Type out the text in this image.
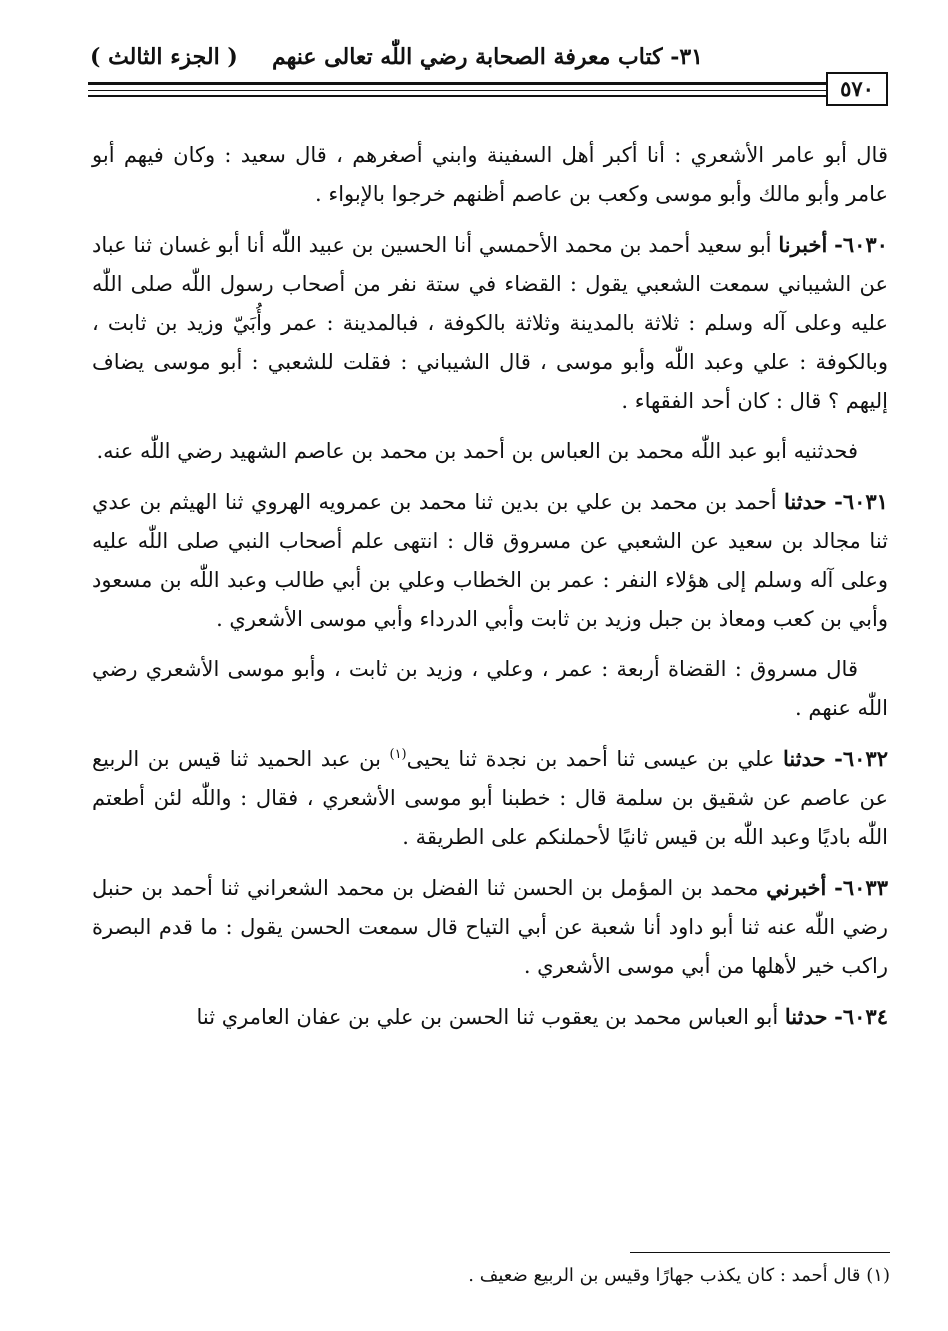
٣١- كتاب معرفة الصحابة رضي اللّٰه تعالى عنهم
( الجزء الثالث )
٥٧٠

قال أبو عامر الأشعري : أنا أكبر أهل السفينة وابني أصغرهم ، قال سعيد : وكان فيهم أبو عامر وأبو مالك وأبو موسى وكعب بن عاصم أظنهم خرجوا بالإبواء .

٦٠٣٠- أخبرنا أبو سعيد أحمد بن محمد الأحمسي أنا الحسين بن عبيد اللّٰه أنا أبو غسان ثنا عباد عن الشيباني سمعت الشعبي يقول : القضاء في ستة نفر من أصحاب رسول اللّٰه صلى اللّٰه عليه وعلى آله وسلم : ثلاثة بالمدينة وثلاثة بالكوفة ، فبالمدينة : عمر وأُبَيّ وزيد بن ثابت ، وبالكوفة : علي وعبد اللّٰه وأبو موسى ، قال الشيباني : فقلت للشعبي : أبو موسى يضاف إليهم ؟ قال : كان أحد الفقهاء .

فحدثنيه أبو عبد اللّٰه محمد بن العباس بن أحمد بن محمد بن عاصم الشهيد رضي اللّٰه عنه.

٦٠٣١- حدثنا أحمد بن محمد بن علي بن بدين ثنا محمد بن عمرويه الهروي ثنا الهيثم بن عدي ثنا مجالد بن سعيد عن الشعبي عن مسروق قال : انتهى علم أصحاب النبي صلى اللّٰه عليه وعلى آله وسلم إلى هؤلاء النفر : عمر بن الخطاب وعلي بن أبي طالب وعبد اللّٰه بن مسعود وأبي بن كعب ومعاذ بن جبل وزيد بن ثابت وأبي الدرداء وأبي موسى الأشعري .

قال مسروق : القضاة أربعة : عمر ، وعلي ، وزيد بن ثابت ، وأبو موسى الأشعري رضي اللّٰه عنهم .

٦٠٣٢- حدثنا علي بن عيسى ثنا أحمد بن نجدة ثنا يحيى$^{(١)}$ بن عبد الحميد ثنا قيس بن الربيع عن عاصم عن شقيق بن سلمة قال : خطبنا أبو موسى الأشعري ، فقال : واللّٰه لئن أطعتم اللّٰه باديًا وعبد اللّٰه بن قيس ثانيًا لأحملنكم على الطريقة .

٦٠٣٣- أخبرني محمد بن المؤمل بن الحسن ثنا الفضل بن محمد الشعراني ثنا أحمد بن حنبل رضي اللّٰه عنه ثنا أبو داود أنا شعبة عن أبي التياح قال سمعت الحسن يقول : ما قدم البصرة راكب خير لأهلها من أبي موسى الأشعري .

٦٠٣٤- حدثنا أبو العباس محمد بن يعقوب ثنا الحسن بن علي بن عفان العامري ثنا

(١) قال أحمد : كان يكذب جهارًا وقيس بن الربيع ضعيف .
